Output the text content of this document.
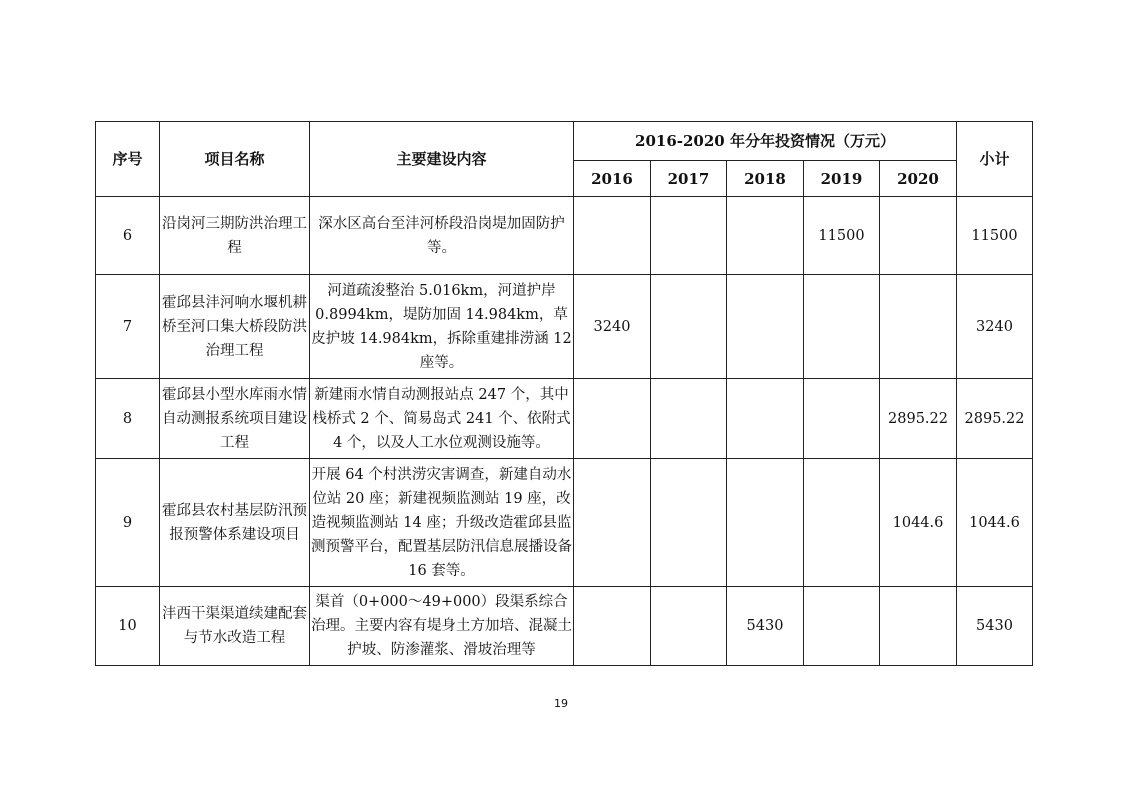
序号	项目名称	主要建设内容	2016-2020 年分年投资情况（万元）					小计
			2016	2017	2018	2019	2020	
6	沿岗河三期防洪治理工程	深水区高台至沣河桥段沿岗堤加固防护等。				11500		11500
7	霍邱县沣河响水堰机耕桥至河口集大桥段防洪治理工程	河道疏浚整治 5.016km，河道护岸 0.8994km，堤防加固 14.984km，草皮护坡 14.984km，拆除重建排涝涵 12 座等。	3240					3240
8	霍邱县小型水库雨水情自动测报系统项目建设工程	新建雨水情自动测报站点 247 个，其中栈桥式 2 个、简易岛式 241 个、依附式 4 个，以及人工水位观测设施等。					2895.22	2895.22
9	霍邱县农村基层防汛预报预警体系建设项目	开展 64 个村洪涝灾害调查，新建自动水位站 20 座；新建视频监测站 19 座，改造视频监测站 14 座；升级改造霍邱县监测预警平台，配置基层防汛信息展播设备 16 套等。					1044.6	1044.6
10	沣西干渠渠道续建配套与节水改造工程	渠首（0+000～49+000）段渠系综合治理。主要内容有堤身土方加培、混凝土护坡、防渗灌浆、滑坡治理等			5430			5430
19
